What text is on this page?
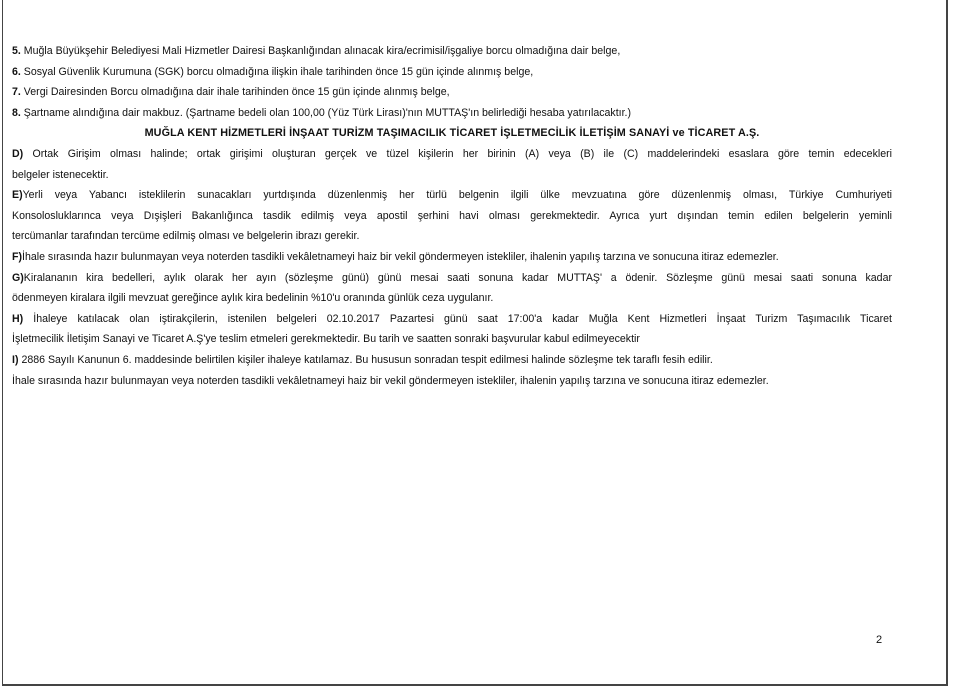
5. Muğla Büyükşehir Belediyesi Mali Hizmetler Dairesi Başkanlığından alınacak kira/ecrimisil/işgaliye borcu olmadığına dair belge,
6. Sosyal Güvenlik Kurumuna (SGK) borcu olmadığına ilişkin ihale tarihinden önce 15 gün içinde alınmış belge,
7. Vergi Dairesinden Borcu olmadığına dair ihale tarihinden önce 15 gün içinde alınmış belge,
8. Şartname alındığına dair makbuz. (Şartname bedeli olan 100,00 (Yüz Türk Lirası)'nın MUTTAŞ'ın belirlediği hesaba yatırılacaktır.)
MUĞLA KENT HİZMETLERİ İNŞAAT TURİZM TAŞIMACILIK TİCARET İŞLETMECİLİK İLETİŞİM SANAYİ ve TİCARET A.Ş.
D) Ortak Girişim olması halinde; ortak girişimi oluşturan gerçek ve tüzel kişilerin her birinin (A) veya (B) ile (C) maddelerindeki esaslara göre temin edecekleri
belgeler istenecektir.
E)Yerli veya Yabancı isteklilerin sunacakları yurtdışında düzenlenmiş her türlü belgenin ilgili ülke mevzuatına göre düzenlenmiş olması, Türkiye Cumhuriyeti
Konsolosluklarınca veya Dışişleri Bakanlığınca tasdik edilmiş veya apostil şerhini havi olması gerekmektedir. Ayrıca yurt dışından temin edilen belgelerin yeminli
tercümanlar tarafından tercüme edilmiş olması ve belgelerin ibrazı gerekir.
F)İhale sırasında hazır bulunmayan veya noterden tasdikli vekâletnameyi haiz bir vekil göndermeyen istekliler, ihalenin yapılış tarzına ve sonucuna itiraz edemezler.
G)Kiralananın kira bedelleri, aylık olarak her ayın (sözleşme günü) günü mesai saati sonuna kadar MUTTAŞ' a ödenir. Sözleşme günü mesai saati sonuna kadar
ödenmeyen kiralara ilgili mevzuat gereğince aylık kira bedelinin %10'u oranında günlük ceza uygulanır.
H) İhaleye katılacak olan iştirakçilerin, istenilen belgeleri 02.10.2017 Pazartesi günü saat 17:00'a kadar Muğla Kent Hizmetleri İnşaat Turizm Taşımacılık Ticaret
İşletmecilik İletişim Sanayi ve Ticaret A.Ş'ye teslim etmeleri gerekmektedir. Bu tarih ve saatten sonraki başvurular kabul edilmeyecektir
I) 2886 Sayılı Kanunun 6. maddesinde belirtilen kişiler ihaleye katılamaz. Bu hususun sonradan tespit edilmesi halinde sözleşme tek taraflı fesih edilir.
İhale sırasında hazır bulunmayan veya noterden tasdikli vekâletnameyi haiz bir vekil göndermeyen istekliler, ihalenin yapılış tarzına ve sonucuna itiraz edemezler.
2
